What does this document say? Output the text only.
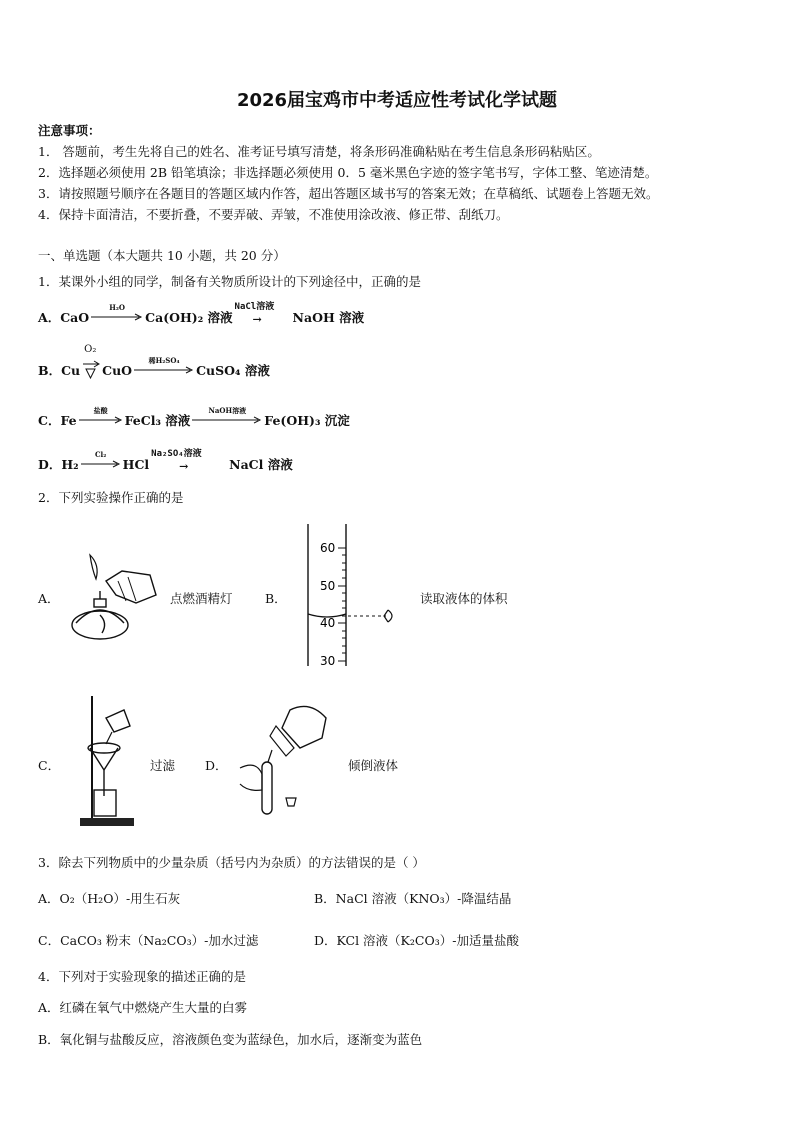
2026届宝鸡市中考适应性考试化学试题
注意事项：
1． 答题前，考生先将自己的姓名、准考证号填写清楚，将条形码准确粘贴在考生信息条形码粘贴区。
2．选择题必须使用 2B 铅笔填涂；非选择题必须使用 0．5 毫米黑色字迹的签字笔书写，字体工整、笔迹清楚。
3．请按照题号顺序在各题目的答题区域内作答，超出答题区域书写的答案无效；在草稿纸、试题卷上答题无效。
4．保持卡面清洁，不要折叠，不要弄破、弄皱，不准使用涂改液、修正带、刮纸刀。
一、单选题（本大题共 10 小题，共 20 分）
1．某课外小组的同学，制备有关物质所设计的下列途径中，正确的是
A． CaO
H₂O
Ca(OH)₂ 溶液
NaCl溶液
→ NaOH 溶液
B． Cu
O₂
CuO
稀H₂SO₄
CuSO₄ 溶液
C． Fe
盐酸
FeCl₃ 溶液
NaOH溶液
Fe(OH)₃ 沉淀
D． H₂
Cl₂
HCl
Na₂SO₄溶液
→	NaCl 溶液
2．下列实验操作正确的是
A．	点燃酒精灯	B．
60
50
40
30
读取液体的体积
C．	过滤 D．	倾倒液体
3．除去下列物质中的少量杂质（括号内为杂质）的方法错误的是（ ）
A．O₂（H₂O）-用生石灰	B．NaCl 溶液（KNO₃）-降温结晶
C．CaCO₃ 粉末（Na₂CO₃）-加水过滤	D．KCl 溶液（K₂CO₃）-加适量盐酸
4．下列对于实验现象的描述正确的是
A．红磷在氧气中燃烧产生大量的白雾
B．氧化铜与盐酸反应，溶液颜色变为蓝绿色，加水后，逐渐变为蓝色
